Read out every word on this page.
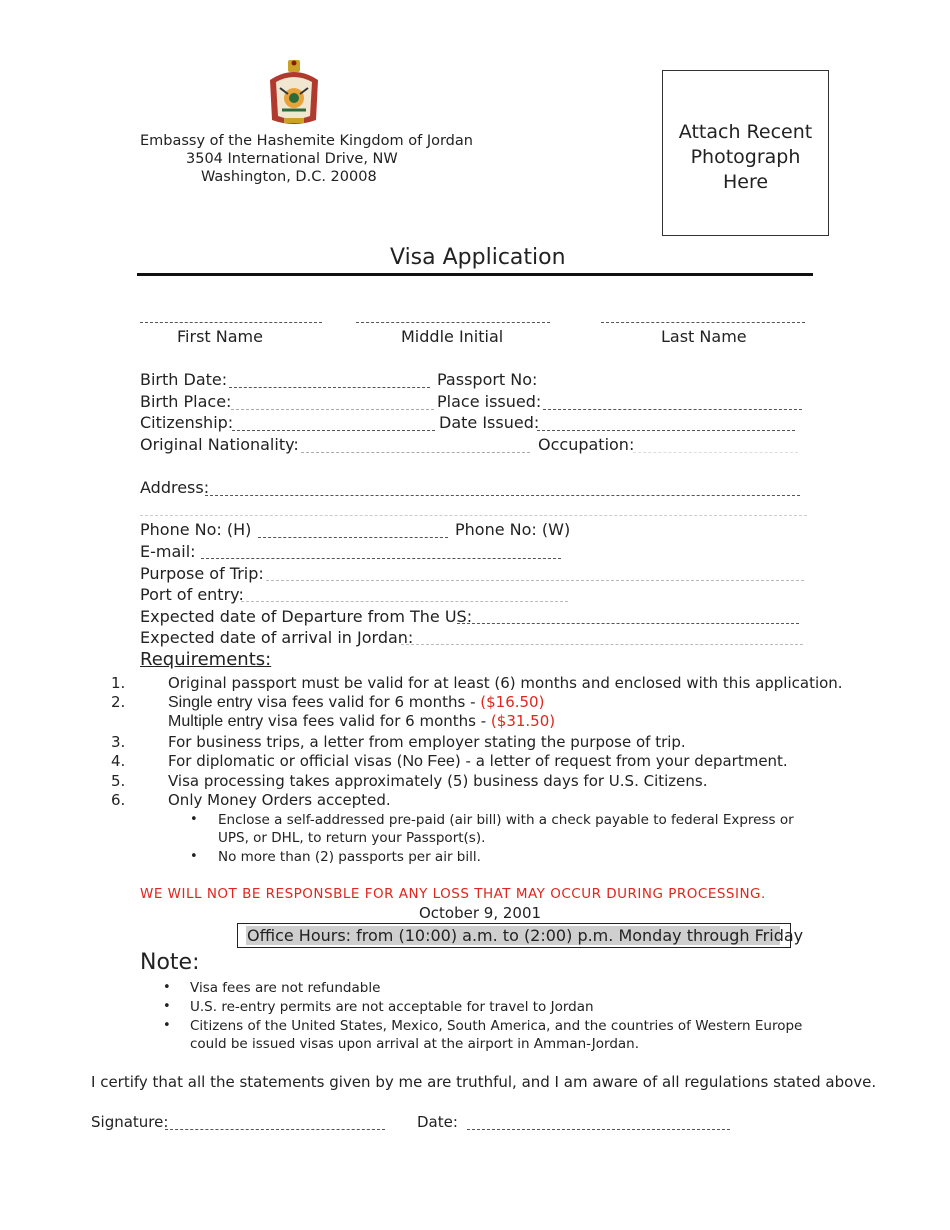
Embassy of the Hashemite Kingdom of Jordan
3504 International Drive, NW
Washington, D.C. 20008
Attach Recent
Photograph
Here
Visa Application
First Name	Middle Initial	Last Name
Birth Date:	Passport No:
Birth Place:	Place issued:
Citizenship:	Date Issued:
Original Nationality:	Occupation:
Address:
Phone No: (H)	Phone No: (W)
E-mail:
Purpose of Trip:
Port of entry:
Expected date of Departure from The US:
Expected date of arrival in Jordan:
Requirements:
1.	Original passport must be valid for at least (6) months and enclosed with this application.
2.	Single entry visa fees valid for 6 months - ($16.50)
Multiple entry visa fees valid for 6 months - ($31.50)
3.	For business trips, a letter from employer stating the purpose of trip.
4.	For diplomatic or official visas (No Fee) - a letter of request from your department.
5.	Visa processing takes approximately (5) business days for U.S. Citizens.
6.	Only Money Orders accepted.
• Enclose a self-addressed pre-paid (air bill) with a check payable to federal Express or
UPS, or DHL, to return your Passport(s).
• No more than (2) passports per air bill.
WE WILL NOT BE RESPONSBLE FOR ANY LOSS THAT MAY OCCUR DURING PROCESSING.
October 9, 2001
Office Hours: from (10:00) a.m. to (2:00) p.m. Monday through Friday
Note:
• Visa fees are not refundable
• U.S. re-entry permits are not acceptable for travel to Jordan
• Citizens of the United States, Mexico, South America, and the countries of Western Europe
could be issued visas upon arrival at the airport in Amman-Jordan.
I certify that all the statements given by me are truthful, and I am aware of all regulations stated above.
Signature:	Date:
